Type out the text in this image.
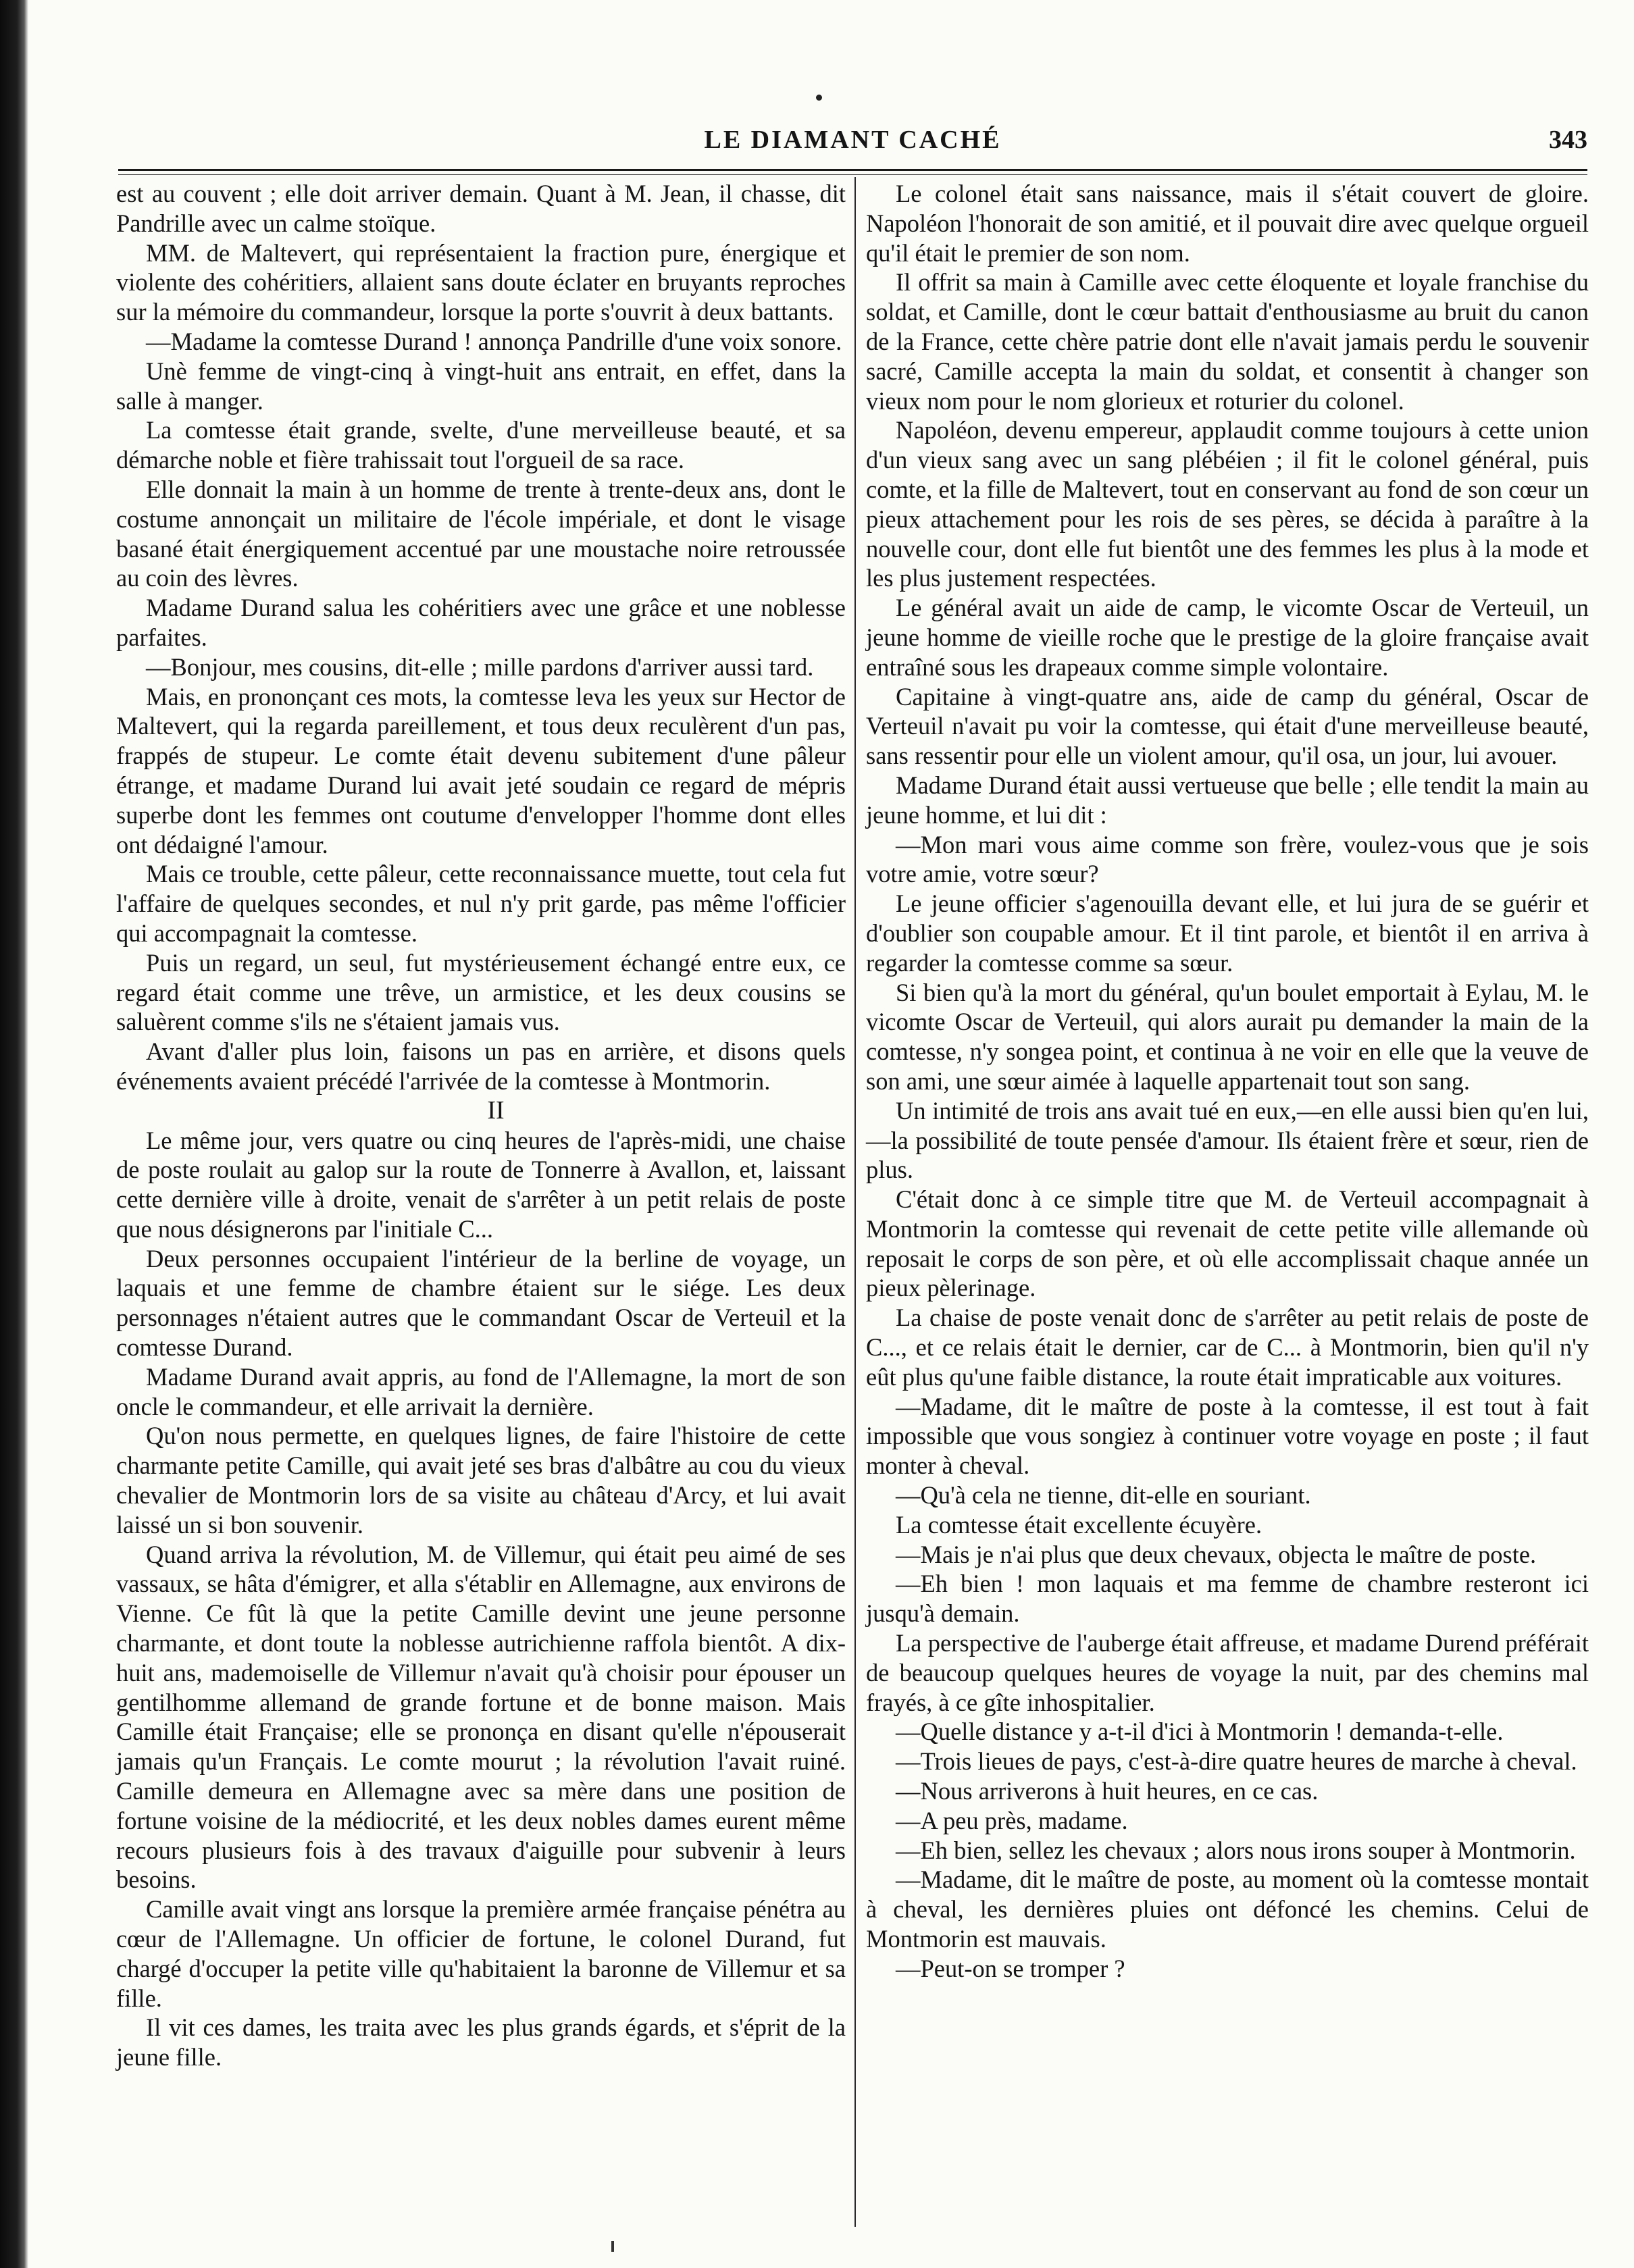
LE DIAMANT CACHÉ	343

est au couvent ; elle doit arriver demain. Quant à M. Jean, il chasse, dit Pandrille avec un calme stoïque.

MM. de Maltevert, qui représentaient la fraction pure, énergique et violente des cohéritiers, allaient sans doute éclater en bruyants reproches sur la mémoire du commandeur, lorsque la porte s'ouvrit à deux battants.

—Madame la comtesse Durand ! annonça Pandrille d'une voix sonore.

Unè femme de vingt-cinq à vingt-huit ans entrait, en effet, dans la salle à manger.

La comtesse était grande, svelte, d'une merveilleuse beauté, et sa démarche noble et fière trahissait tout l'orgueil de sa race.

Elle donnait la main à un homme de trente à trente-deux ans, dont le costume annonçait un militaire de l'école impériale, et dont le visage basané était énergiquement accentué par une moustache noire retroussée au coin des lèvres.

Madame Durand salua les cohéritiers avec une grâce et une noblesse parfaites.

—Bonjour, mes cousins, dit-elle ; mille pardons d'arriver aussi tard.

Mais, en prononçant ces mots, la comtesse leva les yeux sur Hector de Maltevert, qui la regarda pareillement, et tous deux reculèrent d'un pas, frappés de stupeur. Le comte était devenu subitement d'une pâleur étrange, et madame Durand lui avait jeté soudain ce regard de mépris superbe dont les femmes ont coutume d'envelopper l'homme dont elles ont dédaigné l'amour.

Mais ce trouble, cette pâleur, cette reconnaissance muette, tout cela fut l'affaire de quelques secondes, et nul n'y prit garde, pas même l'officier qui accompagnait la comtesse.

Puis un regard, un seul, fut mystérieusement échangé entre eux, ce regard était comme une trêve, un armistice, et les deux cousins se saluèrent comme s'ils ne s'étaient jamais vus.

Avant d'aller plus loin, faisons un pas en arrière, et disons quels événements avaient précédé l'arrivée de la comtesse à Montmorin.

II

Le même jour, vers quatre ou cinq heures de l'après-midi, une chaise de poste roulait au galop sur la route de Tonnerre à Avallon, et, laissant cette dernière ville à droite, venait de s'arrêter à un petit relais de poste que nous désignerons par l'initiale C...

Deux personnes occupaient l'intérieur de la berline de voyage, un laquais et une femme de chambre étaient sur le siége. Les deux personnages n'étaient autres que le commandant Oscar de Verteuil et la comtesse Durand.

Madame Durand avait appris, au fond de l'Allemagne, la mort de son oncle le commandeur, et elle arrivait la dernière.

Qu'on nous permette, en quelques lignes, de faire l'histoire de cette charmante petite Camille, qui avait jeté ses bras d'albâtre au cou du vieux chevalier de Montmorin lors de sa visite au château d'Arcy, et lui avait laissé un si bon souvenir.

Quand arriva la révolution, M. de Villemur, qui était peu aimé de ses vassaux, se hâta d'émigrer, et alla s'établir en Allemagne, aux environs de Vienne. Ce fût là que la petite Camille devint une jeune personne charmante, et dont toute la noblesse autrichienne raffola bientôt. A dix-huit ans, mademoiselle de Villemur n'avait qu'à choisir pour épouser un gentilhomme allemand de grande fortune et de bonne maison. Mais Camille était Française; elle se prononça en disant qu'elle n'épouserait jamais qu'un Français. Le comte mourut ; la révolution l'avait ruiné. Camille demeura en Allemagne avec sa mère dans une position de fortune voisine de la médiocrité, et les deux nobles dames eurent même recours plusieurs fois à des travaux d'aiguille pour subvenir à leurs besoins.

Camille avait vingt ans lorsque la première armée française pénétra au cœur de l'Allemagne. Un officier de fortune, le colonel Durand, fut chargé d'occuper la petite ville qu'habitaient la baronne de Villemur et sa fille.

Il vit ces dames, les traita avec les plus grands égards, et s'éprit de la jeune fille.

Le colonel était sans naissance, mais il s'était couvert de gloire. Napoléon l'honorait de son amitié, et il pouvait dire avec quelque orgueil qu'il était le premier de son nom.

Il offrit sa main à Camille avec cette éloquente et loyale franchise du soldat, et Camille, dont le cœur battait d'enthousiasme au bruit du canon de la France, cette chère patrie dont elle n'avait jamais perdu le souvenir sacré, Camille accepta la main du soldat, et consentit à changer son vieux nom pour le nom glorieux et roturier du colonel.

Napoléon, devenu empereur, applaudit comme toujours à cette union d'un vieux sang avec un sang plébéien ; il fit le colonel général, puis comte, et la fille de Maltevert, tout en conservant au fond de son cœur un pieux attachement pour les rois de ses pères, se décida à paraître à la nouvelle cour, dont elle fut bientôt une des femmes les plus à la mode et les plus justement respectées.

Le général avait un aide de camp, le vicomte Oscar de Verteuil, un jeune homme de vieille roche que le prestige de la gloire française avait entraîné sous les drapeaux comme simple volontaire.

Capitaine à vingt-quatre ans, aide de camp du général, Oscar de Verteuil n'avait pu voir la comtesse, qui était d'une merveilleuse beauté, sans ressentir pour elle un violent amour, qu'il osa, un jour, lui avouer.

Madame Durand était aussi vertueuse que belle ; elle tendit la main au jeune homme, et lui dit :

—Mon mari vous aime comme son frère, voulez-vous que je sois votre amie, votre sœur?

Le jeune officier s'agenouilla devant elle, et lui jura de se guérir et d'oublier son coupable amour. Et il tint parole, et bientôt il en arriva à regarder la comtesse comme sa sœur.

Si bien qu'à la mort du général, qu'un boulet emportait à Eylau, M. le vicomte Oscar de Verteuil, qui alors aurait pu demander la main de la comtesse, n'y songea point, et continua à ne voir en elle que la veuve de son ami, une sœur aimée à laquelle appartenait tout son sang.

Un intimité de trois ans avait tué en eux,—en elle aussi bien qu'en lui,—la possibilité de toute pensée d'amour. Ils étaient frère et sœur, rien de plus.

C'était donc à ce simple titre que M. de Verteuil accompagnait à Montmorin la comtesse qui revenait de cette petite ville allemande où reposait le corps de son père, et où elle accomplissait chaque année un pieux pèlerinage.

La chaise de poste venait donc de s'arrêter au petit relais de poste de C..., et ce relais était le dernier, car de C... à Montmorin, bien qu'il n'y eût plus qu'une faible distance, la route était impraticable aux voitures.

—Madame, dit le maître de poste à la comtesse, il est tout à fait impossible que vous songiez à continuer votre voyage en poste ; il faut monter à cheval.

—Qu'à cela ne tienne, dit-elle en souriant.

La comtesse était excellente écuyère.

—Mais je n'ai plus que deux chevaux, objecta le maître de poste.

—Eh bien ! mon laquais et ma femme de chambre resteront ici jusqu'à demain.

La perspective de l'auberge était affreuse, et madame Durend préférait de beaucoup quelques heures de voyage la nuit, par des chemins mal frayés, à ce gîte inhospitalier.

—Quelle distance y a-t-il d'ici à Montmorin ! demanda-t-elle.

—Trois lieues de pays, c'est-à-dire quatre heures de marche à cheval.

—Nous arriverons à huit heures, en ce cas.

—A peu près, madame.

—Eh bien, sellez les chevaux ; alors nous irons souper à Montmorin.

—Madame, dit le maître de poste, au moment où la comtesse montait à cheval, les dernières pluies ont défoncé les chemins. Celui de Montmorin est mauvais.

—Peut-on se tromper ?
